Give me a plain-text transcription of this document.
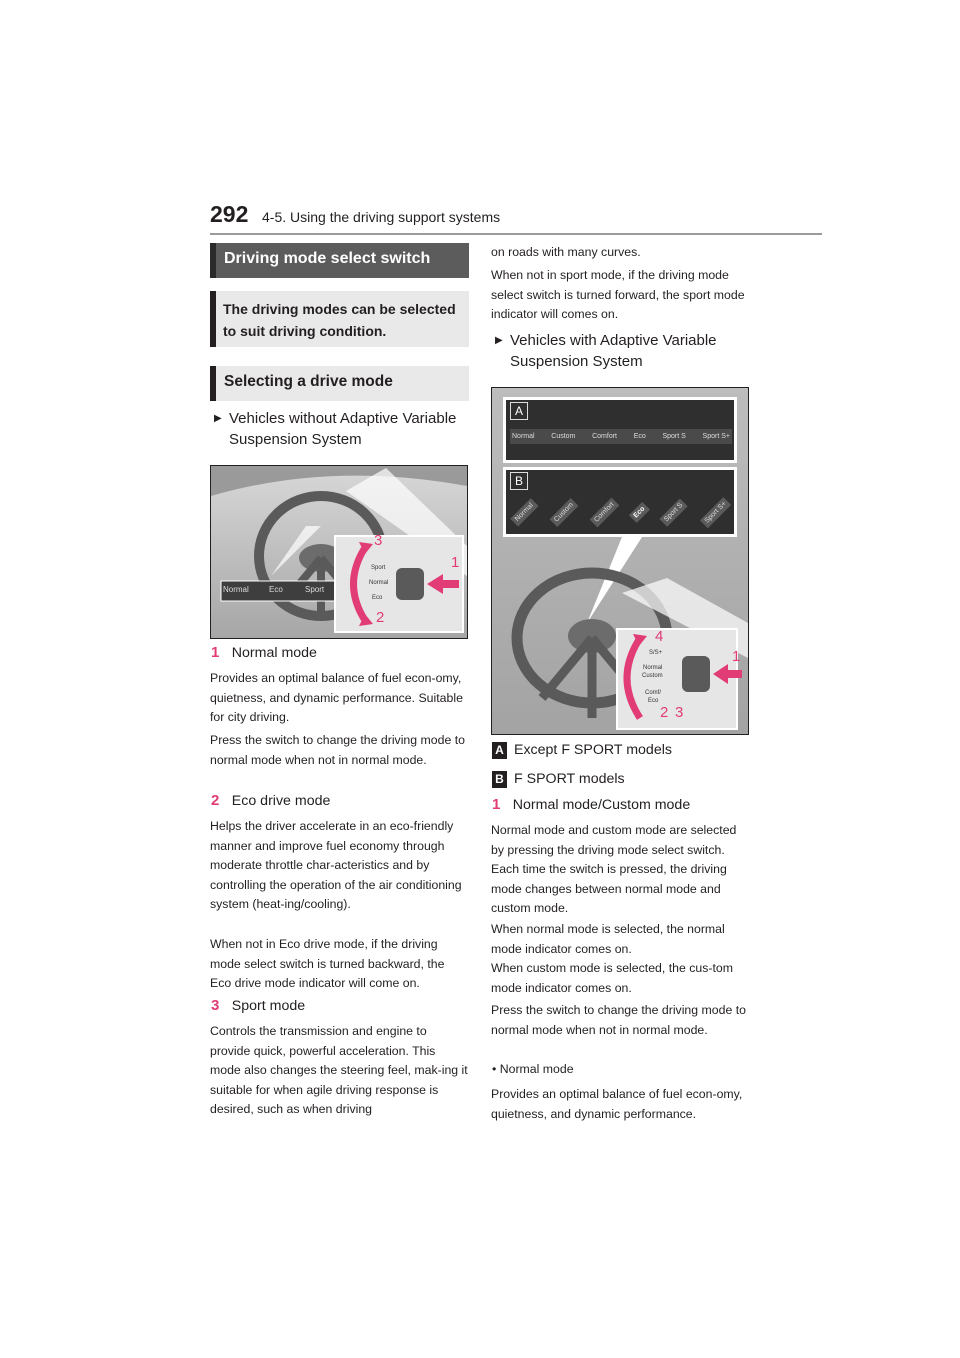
292 4-5. Using the driving support systems
Driving mode select switch
The driving modes can be selected to suit driving condition.
Selecting a drive mode
▶ Vehicles without Adaptive Variable Suspension System
Normal	Eco	Sport
Sport
Normal
Eco
1
2
3
1 Normal mode
Provides an optimal balance of fuel econ-omy, quietness, and dynamic performance. Suitable for city driving.
Press the switch to change the driving mode to normal mode when not in normal mode.
2 Eco drive mode
Helps the driver accelerate in an eco-friendly manner and improve fuel economy through moderate throttle char-acteristics and by controlling the operation of the air conditioning system (heat-ing/cooling).
When not in Eco drive mode, if the driving mode select switch is turned backward, the Eco drive mode indicator will come on.
3 Sport mode
Controls the transmission and engine to provide quick, powerful acceleration. This mode also changes the steering feel, mak-ing it suitable for when agile driving response is desired, such as when driving
on roads with many curves.
When not in sport mode, if the driving mode select switch is turned forward, the sport mode indicator will comes on.
▶ Vehicles with Adaptive Variable Suspension System
A
B
Normal Custom Comfort Eco Sport S Sport S+
Normal	Custom	Comfort	Eco	Sport S	Sport S+
S/S+
Normal
Custom
Comf/
Eco
1
2 3
4
A Except F SPORT models
B F SPORT models
1 Normal mode/Custom mode
Normal mode and custom mode are selected by pressing the driving mode select switch. Each time the switch is pressed, the driving mode changes between normal mode and custom mode.
When normal mode is selected, the normal mode indicator comes on.
When custom mode is selected, the cus-tom mode indicator comes on.
Press the switch to change the driving mode to normal mode when not in normal mode.
• Normal mode
Provides an optimal balance of fuel econ-omy, quietness, and dynamic performance.
